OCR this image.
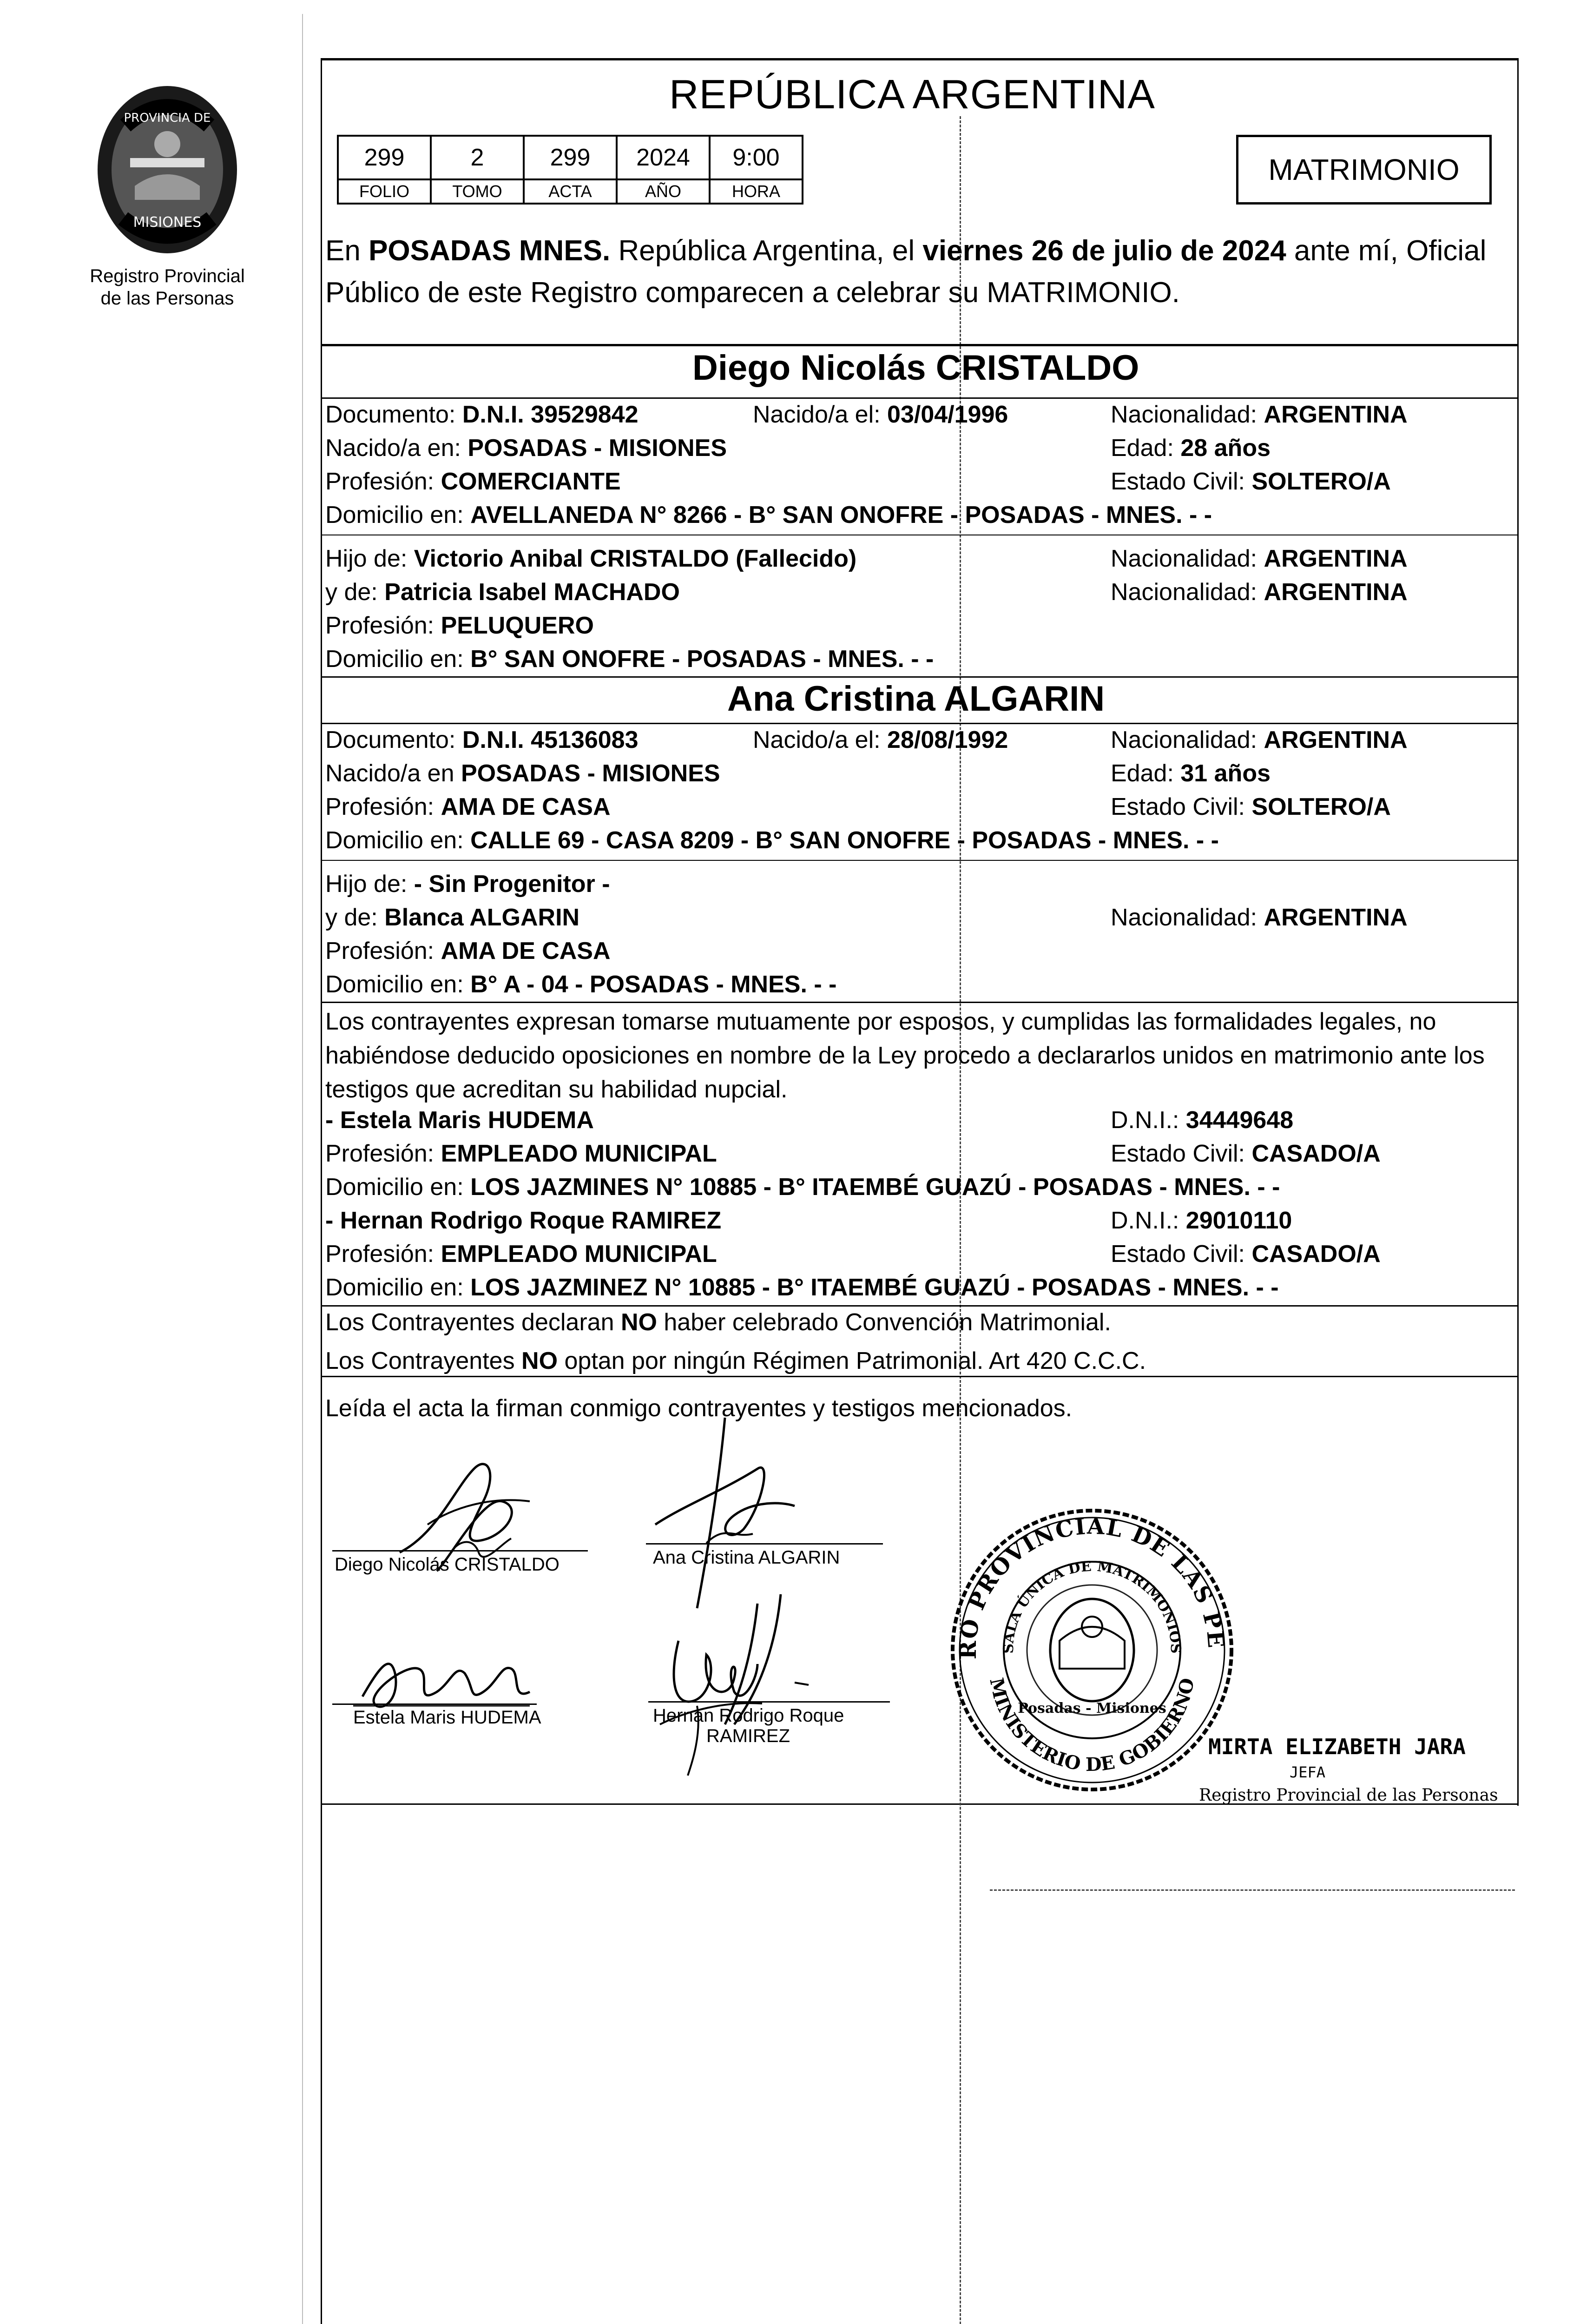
PROVINCIA DE
MISIONES
Registro Provincial
de las Personas
REPÚBLICA ARGENTINA
299	2	299	2024	9:00
FOLIO	TOMO	ACTA	AÑO	HORA
MATRIMONIO
En POSADAS MNES. República Argentina, el viernes 26 de julio de 2024 ante mí, Oficial Público de este Registro comparecen a celebrar su MATRIMONIO.
Diego Nicolás CRISTALDO
Documento: D.N.I. 39529842	Nacido/a el: 03/04/1996	Nacionalidad: ARGENTINA
Nacido/a en: POSADAS - MISIONES	Edad: 28 años
Profesión: COMERCIANTE	Estado Civil: SOLTERO/A
Domicilio en: AVELLANEDA N° 8266 - B° SAN ONOFRE - POSADAS - MNES. - -
Hijo de: Victorio Anibal CRISTALDO (Fallecido)	Nacionalidad: ARGENTINA
y de: Patricia Isabel MACHADO	Nacionalidad: ARGENTINA
Profesión: PELUQUERO
Domicilio en: B° SAN ONOFRE - POSADAS - MNES. - -
Ana Cristina ALGARIN
Documento: D.N.I. 45136083	Nacido/a el: 28/08/1992	Nacionalidad: ARGENTINA
Nacido/a en POSADAS - MISIONES	Edad: 31 años
Profesión: AMA DE CASA	Estado Civil: SOLTERO/A
Domicilio en: CALLE 69 - CASA 8209 - B° SAN ONOFRE - POSADAS - MNES. - -
Hijo de: - Sin Progenitor -
y de: Blanca ALGARIN	Nacionalidad: ARGENTINA
Profesión: AMA DE CASA
Domicilio en: B° A - 04 - POSADAS - MNES. - -
Los contrayentes expresan tomarse mutuamente por esposos, y cumplidas las formalidades legales, no habiéndose deducido oposiciones en nombre de la Ley procedo a declararlos unidos en matrimonio ante los testigos que acreditan su habilidad nupcial.
- Estela Maris HUDEMA	D.N.I.: 34449648
Profesión: EMPLEADO MUNICIPAL	Estado Civil: CASADO/A
Domicilio en: LOS JAZMINES N° 10885 - B° ITAEMBÉ GUAZÚ - POSADAS - MNES. - -
- Hernan Rodrigo Roque RAMIREZ	D.N.I.: 29010110
Profesión: EMPLEADO MUNICIPAL	Estado Civil: CASADO/A
Domicilio en: LOS JAZMINEZ N° 10885 - B° ITAEMBÉ GUAZÚ - POSADAS - MNES. - -
Los Contrayentes declaran NO haber celebrado Convención Matrimonial.
Los Contrayentes NO optan por ningún Régimen Patrimonial. Art 420 C.C.C.
Leída el acta la firman conmigo contrayentes y testigos mencionados.
Diego Nicolás CRISTALDO	Ana Cristina ALGARIN
Estela Maris HUDEMA	Hernan Rodrigo Roque
RAMIREZ
REGISTRO PROVINCIAL DE LAS PERSONAS
MINISTERIO DE GOBIERNO
SALA ÚNICA DE MATRIMONIOS
Posadas - Misiones
MIRTA ELIZABETH JARA
JEFA
Registro Provincial de las Personas
